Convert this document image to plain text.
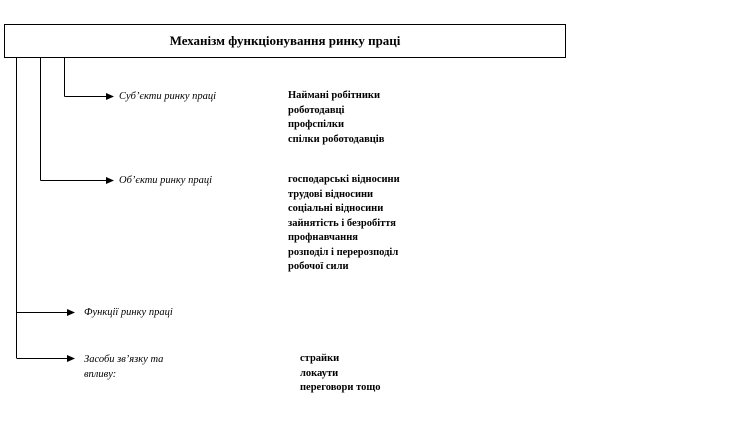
Механізм функціонування ринку праці
Суб’єкти ринку праці	Наймані робітники
роботодавці
профспілки
спілки роботодавців
Об’єкти ринку праці	господарські відносини
трудові відносини
соціальні відносини
зайнятість і безробіття
профнавчання
розподіл і перерозподіл
робочої сили
Функції ринку праці
Засоби зв’язку та впливу:
страйки
локаути
переговори тощо
